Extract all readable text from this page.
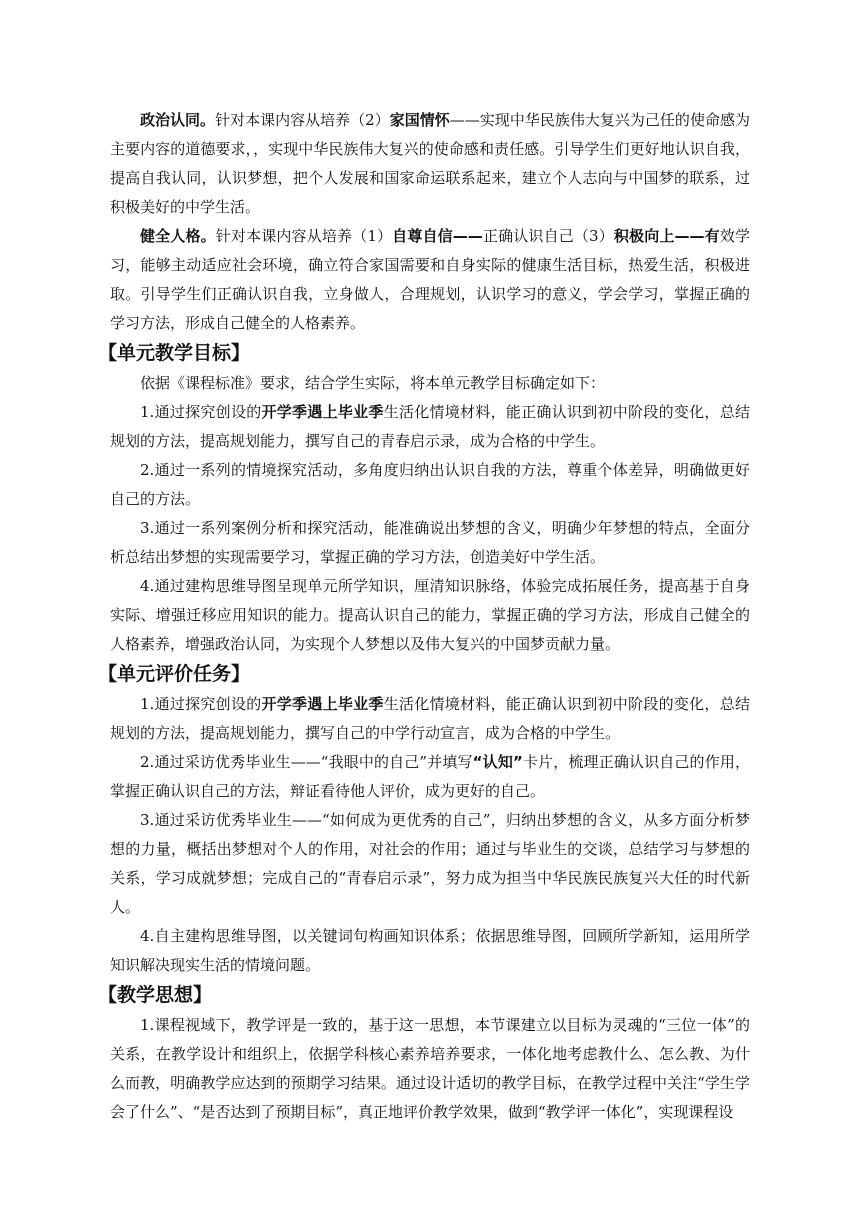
政治认同。针对本课内容从培养（2）家国情怀——实现中华民族伟大复兴为己任的使命感为主要内容的道德要求，，实现中华民族伟大复兴的使命感和责任感。引导学生们更好地认识自我，提高自我认同，认识梦想，把个人发展和国家命运联系起来，建立个人志向与中国梦的联系，过积极美好的中学生活。

健全人格。针对本课内容从培养（1）自尊自信——正确认识自己（3）积极向上——有效学习，能够主动适应社会环境，确立符合家国需要和自身实际的健康生活目标，热爱生活，积极进取。引导学生们正确认识自我，立身做人，合理规划，认识学习的意义，学会学习，掌握正确的学习方法，形成自己健全的人格素养。

【单元教学目标】

依据《课程标准》要求，结合学生实际，将本单元教学目标确定如下：

1.通过探究创设的开学季遇上毕业季生活化情境材料，能正确认识到初中阶段的变化，总结规划的方法，提高规划能力，撰写自己的青春启示录，成为合格的中学生。

2.通过一系列的情境探究活动，多角度归纳出认识自我的方法，尊重个体差异，明确做更好自己的方法。

3.通过一系列案例分析和探究活动，能准确说出梦想的含义，明确少年梦想的特点，全面分析总结出梦想的实现需要学习，掌握正确的学习方法，创造美好中学生活。

4.通过建构思维导图呈现单元所学知识，厘清知识脉络，体验完成拓展任务，提高基于自身实际、增强迁移应用知识的能力。提高认识自己的能力，掌握正确的学习方法，形成自己健全的人格素养，增强政治认同，为实现个人梦想以及伟大复兴的中国梦贡献力量。

【单元评价任务】

1.通过探究创设的开学季遇上毕业季生活化情境材料，能正确认识到初中阶段的变化，总结规划的方法，提高规划能力，撰写自己的中学行动宣言，成为合格的中学生。

2.通过采访优秀毕业生——“我眼中的自己”并填写“认知”卡片，梳理正确认识自己的作用，掌握正确认识自己的方法，辩证看待他人评价，成为更好的自己。

3.通过采访优秀毕业生——“如何成为更优秀的自己”，归纳出梦想的含义，从多方面分析梦想的力量，概括出梦想对个人的作用，对社会的作用；通过与毕业生的交谈，总结学习与梦想的关系，学习成就梦想；完成自己的“青春启示录”，努力成为担当中华民族民族复兴大任的时代新人。

4.自主建构思维导图，以关键词句构画知识体系；依据思维导图，回顾所学新知，运用所学知识解决现实生活的情境问题。

【教学思想】

1.课程视域下，教学评是一致的，基于这一思想，本节课建立以目标为灵魂的“三位一体”的关系，在教学设计和组织上，依据学科核心素养培养要求，一体化地考虑教什么、怎么教、为什么而教，明确教学应达到的预期学习结果。通过设计适切的教学目标，在教学过程中关注“学生学会了什么”、“是否达到了预期目标”，真正地评价教学效果，做到“教学评一体化”，实现课程设
